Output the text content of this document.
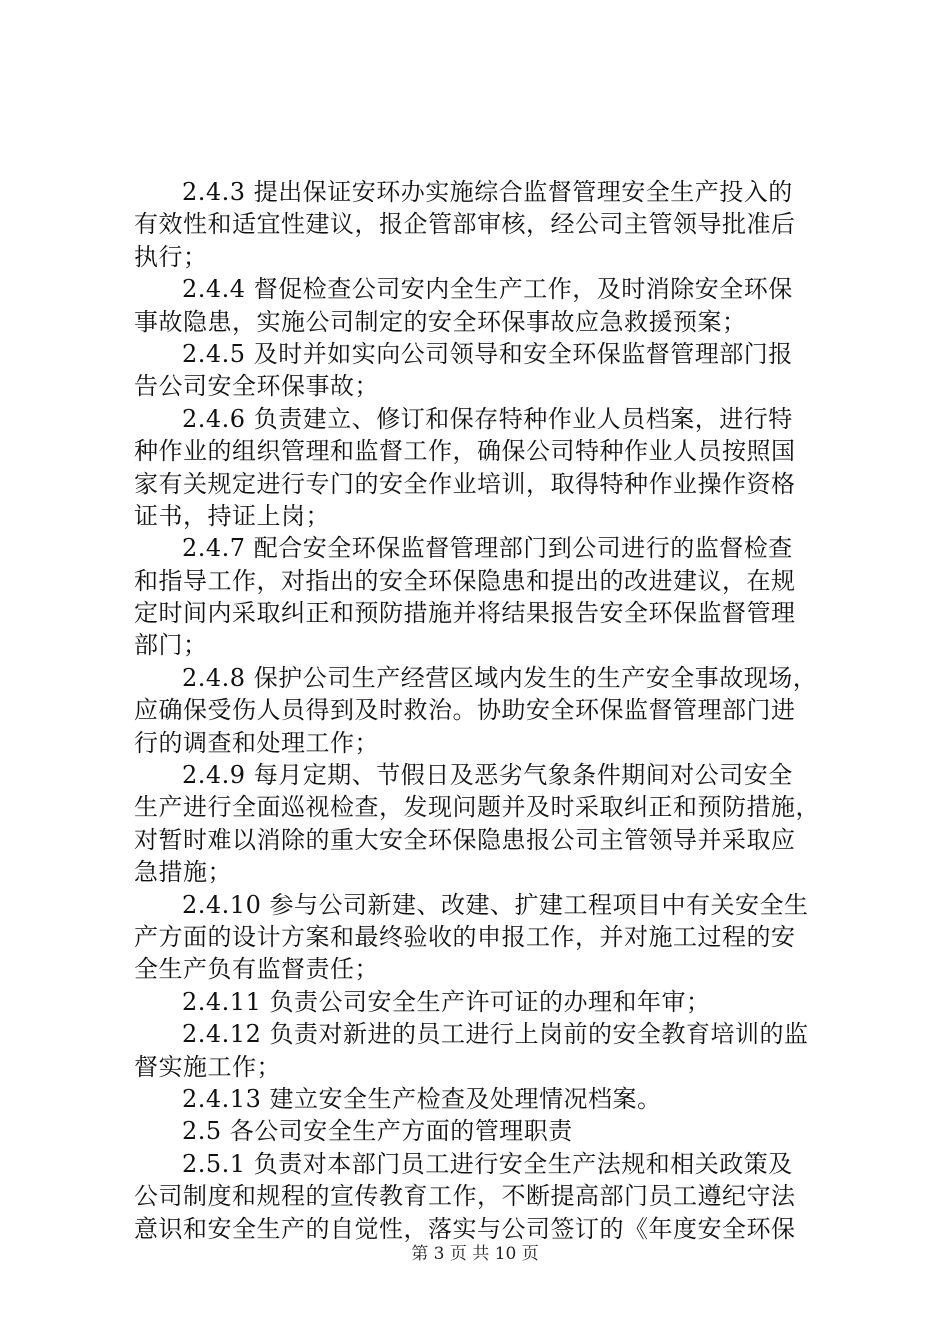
2.4.3 提出保证安环办实施综合监督管理安全生产投入的
有效性和适宜性建议，报企管部审核，经公司主管领导批准后
执行；
2.4.4 督促检查公司安内全生产工作，及时消除安全环保
事故隐患，实施公司制定的安全环保事故应急救援预案；
2.4.5 及时并如实向公司领导和安全环保监督管理部门报
告公司安全环保事故；
2.4.6 负责建立、修订和保存特种作业人员档案，进行特
种作业的组织管理和监督工作，确保公司特种作业人员按照国
家有关规定进行专门的安全作业培训，取得特种作业操作资格
证书，持证上岗；
2.4.7 配合安全环保监督管理部门到公司进行的监督检查
和指导工作，对指出的安全环保隐患和提出的改进建议，在规
定时间内采取纠正和预防措施并将结果报告安全环保监督管理
部门；
2.4.8 保护公司生产经营区域内发生的生产安全事故现场，
应确保受伤人员得到及时救治。协助安全环保监督管理部门进
行的调查和处理工作；
2.4.9 每月定期、节假日及恶劣气象条件期间对公司安全
生产进行全面巡视检查，发现问题并及时采取纠正和预防措施，
对暂时难以消除的重大安全环保隐患报公司主管领导并采取应
急措施；
2.4.10 参与公司新建、改建、扩建工程项目中有关安全生
产方面的设计方案和最终验收的申报工作，并对施工过程的安
全生产负有监督责任；
2.4.11 负责公司安全生产许可证的办理和年审；
2.4.12 负责对新进的员工进行上岗前的安全教育培训的监
督实施工作；
2.4.13 建立安全生产检查及处理情况档案。
2.5 各公司安全生产方面的管理职责
2.5.1 负责对本部门员工进行安全生产法规和相关政策及
公司制度和规程的宣传教育工作，不断提高部门员工遵纪守法
意识和安全生产的自觉性，落实与公司签订的《年度安全环保
第 3 页 共 10 页
